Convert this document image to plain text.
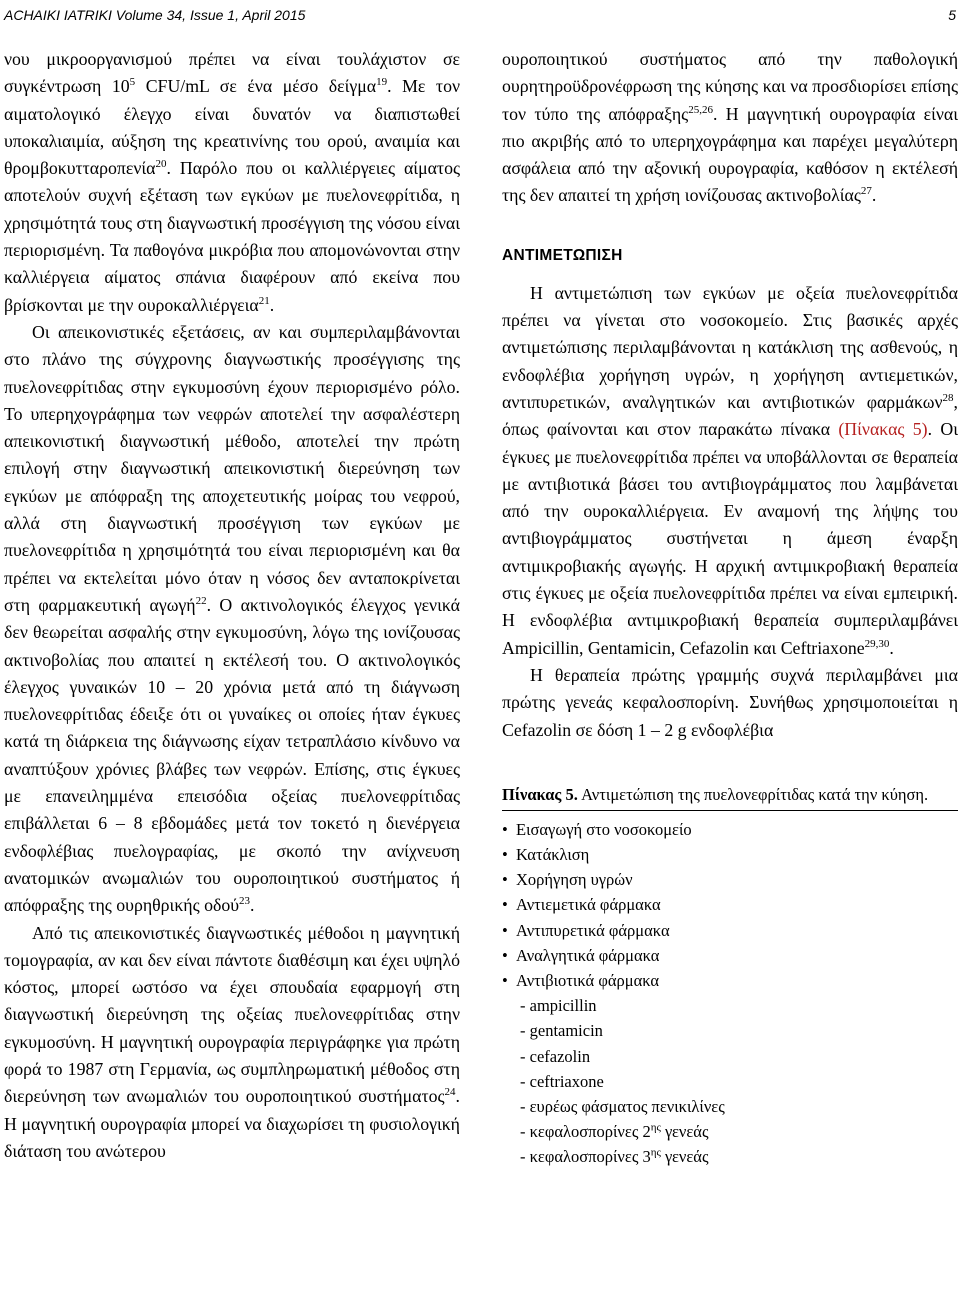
ACHAIKI IATRIKI Volume 34, Issue 1, April 2015	5

νου μικροοργανισμού πρέπει να είναι τουλάχιστον σε συγκέντρωση $10^5$ CFU/mL σε ένα μέσο δείγμα$^{19}$. Με τον αιματολογικό έλεγχο είναι δυνατόν να διαπιστωθεί υποκαλιαιμία, αύξηση της κρεατινίνης του ορού, αναιμία και θρομβοκυτταροπενία$^{20}$. Παρόλο που οι καλλιέργειες αίματος αποτελούν συχνή εξέταση των εγκύων με πυελονεφρίτιδα, η χρησιμότητά τους στη διαγνωστική προσέγγιση της νόσου είναι περιορισμένη. Τα παθογόνα μικρόβια που απομονώνονται στην καλλιέργεια αίματος σπάνια διαφέρουν από εκείνα που βρίσκονται με την ουροκαλλιέργεια$^{21}$.

Οι απεικονιστικές εξετάσεις, αν και συμπεριλαμβάνονται στο πλάνο της σύγχρονης διαγνωστικής προσέγγισης της πυελονεφρίτιδας στην εγκυμοσύνη έχουν περιορισμένο ρόλο. Το υπερηχογράφημα των νεφρών αποτελεί την ασφαλέστερη απεικονιστική διαγνωστική μέθοδο, αποτελεί την πρώτη επιλογή στην διαγνωστική απεικονιστική διερεύνηση των εγκύων με απόφραξη της αποχετευτικής μοίρας του νεφρού, αλλά στη διαγνωστική προσέγγιση των εγκύων με πυελονεφρίτιδα η χρησιμότητά του είναι περιορισμένη και θα πρέπει να εκτελείται μόνο όταν η νόσος δεν ανταποκρίνεται στη φαρμακευτική αγωγή$^{22}$. Ο ακτινολογικός έλεγχος γενικά δεν θεωρείται ασφαλής στην εγκυμοσύνη, λόγω της ιονίζουσας ακτινοβολίας που απαιτεί η εκτέλεσή του. Ο ακτινολογικός έλεγχος γυναικών 10 – 20 χρόνια μετά από τη διάγνωση πυελονεφρίτιδας έδειξε ότι οι γυναίκες οι οποίες ήταν έγκυες κατά τη διάρκεια της διάγνωσης είχαν τετραπλάσιο κίνδυνο να αναπτύξουν χρόνιες βλάβες των νεφρών. Επίσης, στις έγκυες με επανειλημμένα επεισόδια οξείας πυελονεφρίτιδας επιβάλλεται 6 – 8 εβδομάδες μετά τον τοκετό η διενέργεια ενδοφλέβιας πυελογραφίας, με σκοπό την ανίχνευση ανατομικών ανωμαλιών του ουροποιητικού συστήματος ή απόφραξης της ουρηθρικής οδού$^{23}$.

Από τις απεικονιστικές διαγνωστικές μέθοδοι η μαγνητική τομογραφία, αν και δεν είναι πάντοτε διαθέσιμη και έχει υψηλό κόστος, μπορεί ωστόσο να έχει σπουδαία εφαρμογή στη διαγνωστική διερεύνηση της οξείας πυελονεφρίτιδας στην εγκυμοσύνη. Η μαγνητική ουρογραφία περιγράφηκε για πρώτη φορά το 1987 στη Γερμανία, ως συμπληρωματική μέθοδος στη διερεύνηση των ανωμαλιών του ουροποιητικού συστήματος$^{24}$. Η μαγνητική ουρογραφία μπορεί να διαχωρίσει τη φυσιολογική διάταση του ανώτερου

ουροποιητικού συστήματος από την παθολογική ουρητηροϋδρονέφρωση της κύησης και να προσδιορίσει επίσης τον τύπο της απόφραξης$^{25,26}$. Η μαγνητική ουρογραφία είναι πιο ακριβής από το υπερηχογράφημα και παρέχει μεγαλύτερη ασφάλεια από την αξονική ουρογραφία, καθόσον η εκτέλεσή της δεν απαιτεί τη χρήση ιονίζουσας ακτινοβολίας$^{27}$.

ΑΝΤΙΜΕΤΩΠΙΣΗ

Η αντιμετώπιση των εγκύων με οξεία πυελονεφρίτιδα πρέπει να γίνεται στο νοσοκομείο. Στις βασικές αρχές αντιμετώπισης περιλαμβάνονται η κατάκλιση της ασθενούς, η ενδοφλέβια χορήγηση υγρών, η χορήγηση αντιεμετικών, αντιπυρετικών, αναλγητικών και αντιβιοτικών φαρμάκων$^{28}$, όπως φαίνονται και στον παρακάτω πίνακα (Πίνακας 5). Οι έγκυες με πυελονεφρίτιδα πρέπει να υποβάλλονται σε θεραπεία με αντιβιοτικά βάσει του αντιβιογράμματος που λαμβάνεται από την ουροκαλλιέργεια. Εν αναμονή της λήψης του αντιβιογράμματος συστήνεται η άμεση έναρξη αντιμικροβιακής αγωγής. Η αρχική αντιμικροβιακή θεραπεία στις έγκυες με οξεία πυελονεφρίτιδα πρέπει να είναι εμπειρική. Η ενδοφλέβια αντιμικροβιακή θεραπεία συμπεριλαμβάνει Ampicillin, Gentamicin, Cefazolin και Ceftriaxone$^{29,30}$.

Η θεραπεία πρώτης γραμμής συχνά περιλαμβάνει μια πρώτης γενεάς κεφαλοσπορίνη. Συνήθως χρησιμοποιείται η Cefazolin σε δόση 1 – 2 g ενδοφλέβια

Πίνακας 5. Αντιμετώπιση της πυελονεφρίτιδας κατά την κύηση.
• Εισαγωγή στο νοσοκομείο
• Κατάκλιση
• Χορήγηση υγρών
• Αντιεμετικά φάρμακα
• Αντιπυρετικά φάρμακα
• Αναλγητικά φάρμακα
• Αντιβιοτικά φάρμακα
- ampicillin
- gentamicin
- cefazolin
- ceftriaxone
- ευρέως φάσματος πενικιλίνες
- κεφαλοσπορίνες $2^{\eta\varsigma}$ γενεάς
- κεφαλοσπορίνες $3^{\eta\varsigma}$ γενεάς
